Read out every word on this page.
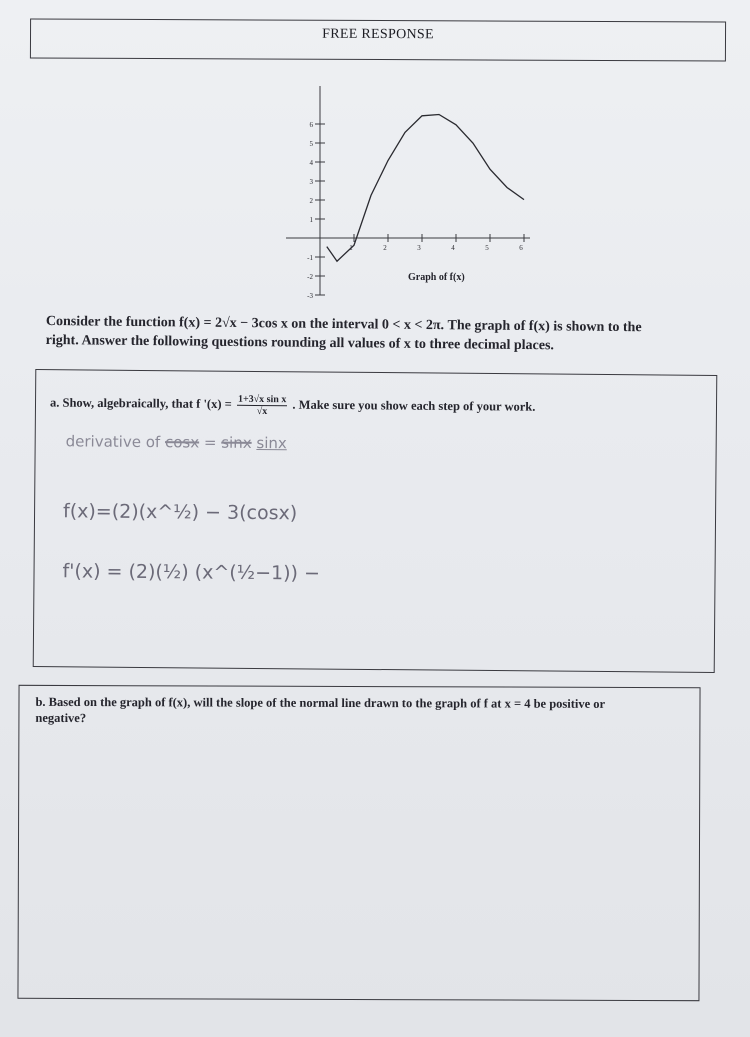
FREE RESPONSE
1	2	3	4	5	6
6
5
4
3
2
1
-1
-2
-3
Graph of f(x)
Consider the function f(x) = 2√x − 3cos x on the interval 0 < x < 2π. The graph of f(x) is shown to the
right. Answer the following questions rounding all values of x to three decimal places.
a. Show, algebraically, that f '$(x) = \frac{\text{1+3√x sin x}}{√x}$ . Make sure you show each step of your work.
derivative of cosx = sinx sinx
f(x)=(2)(x^½) − 3(cosx)
f'(x) = (2)(½) (x^(½−1)) −
b. Based on the graph of f(x), will the slope of the normal line drawn to the graph of f at x = 4 be positive or negative?
